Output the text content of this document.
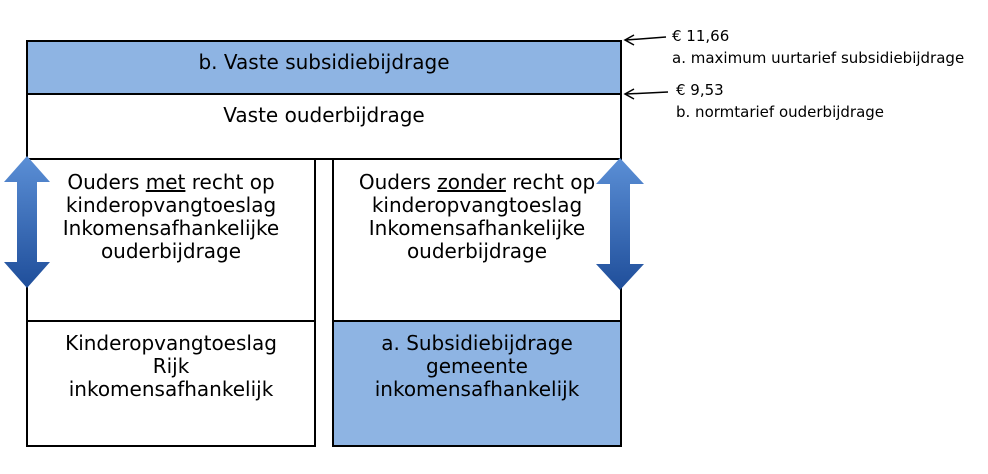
b. Vaste subsidiebijdrage
Vaste ouderbijdrage
Ouders met recht op
kinderopvangtoeslag
Inkomensafhankelijke
ouderbijdrage
Ouders zonder recht op
kinderopvangtoeslag
Inkomensafhankelijke
ouderbijdrage
Kinderopvangtoeslag
Rijk
inkomensafhankelijk
a. Subsidiebijdrage
gemeente
inkomensafhankelijk
€ 11,66
a. maximum uurtarief subsidiebijdrage
€ 9,53
b. normtarief ouderbijdrage
